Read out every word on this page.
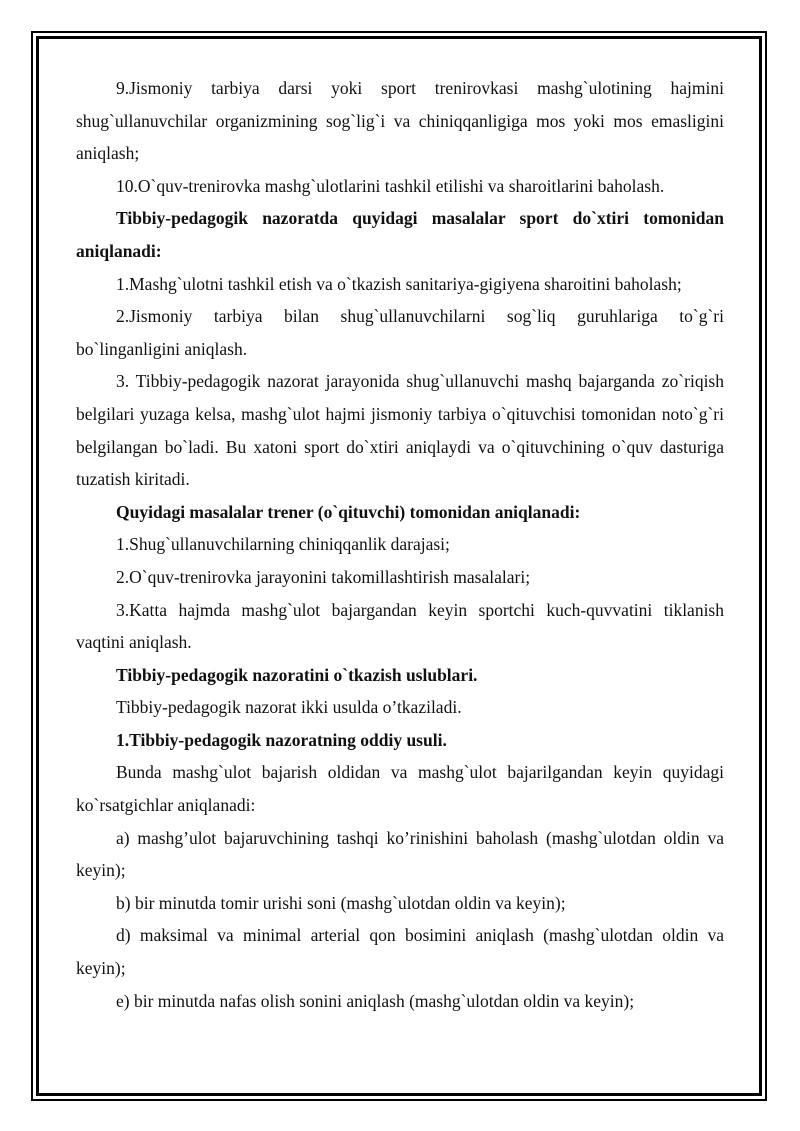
9.Jismoniy tarbiya darsi yoki sport trenirovkasi mashg`ulotining hajmini shug`ullanuvchilar organizmining sog`lig`i va chiniqqanligiga mos yoki mos emasligini aniqlash;

10.O`quv-trenirovka mashg`ulotlarini tashkil etilishi va sharoitlarini baholash.

Tibbiy-pedagogik nazoratda quyidagi masalalar sport do`xtiri tomonidan aniqlanadi:

1.Mashg`ulotni tashkil etish va o`tkazish sanitariya-gigiyena sharoitini baholash;

2.Jismoniy tarbiya bilan shug`ullanuvchilarni sog`liq guruhlariga to`g`ri bo`linganligini aniqlash.

3. Tibbiy-pedagogik nazorat jarayonida shug`ullanuvchi mashq bajarganda zo`riqish belgilari yuzaga kelsa, mashg`ulot hajmi jismoniy tarbiya o`qituvchisi tomonidan noto`g`ri belgilangan bo`ladi. Bu xatoni sport do`xtiri aniqlaydi va o`qituvchining o`quv dasturiga tuzatish kiritadi.

Quyidagi masalalar trener (o`qituvchi) tomonidan aniqlanadi:

1.Shug`ullanuvchilarning chiniqqanlik darajasi;

2.O`quv-trenirovka jarayonini takomillashtirish masalalari;

3.Katta hajmda mashg`ulot bajargandan keyin sportchi kuch-quvvatini tiklanish vaqtini aniqlash.

Tibbiy-pedagogik nazoratini o`tkazish uslublari.

Tibbiy-pedagogik nazorat ikki usulda o’tkaziladi.

1.Tibbiy-pedagogik nazoratning oddiy usuli.

Bunda mashg`ulot bajarish oldidan va mashg`ulot bajarilgandan keyin quyidagi ko`rsatgichlar aniqlanadi:

a) mashg’ulot bajaruvchining tashqi ko’rinishini baholash (mashg`ulotdan oldin va keyin);

b) bir minutda tomir urishi soni (mashg`ulotdan oldin va keyin);

d) maksimal va minimal arterial qon bosimini aniqlash (mashg`ulotdan oldin va keyin);

e) bir minutda nafas olish sonini aniqlash (mashg`ulotdan oldin va keyin);
